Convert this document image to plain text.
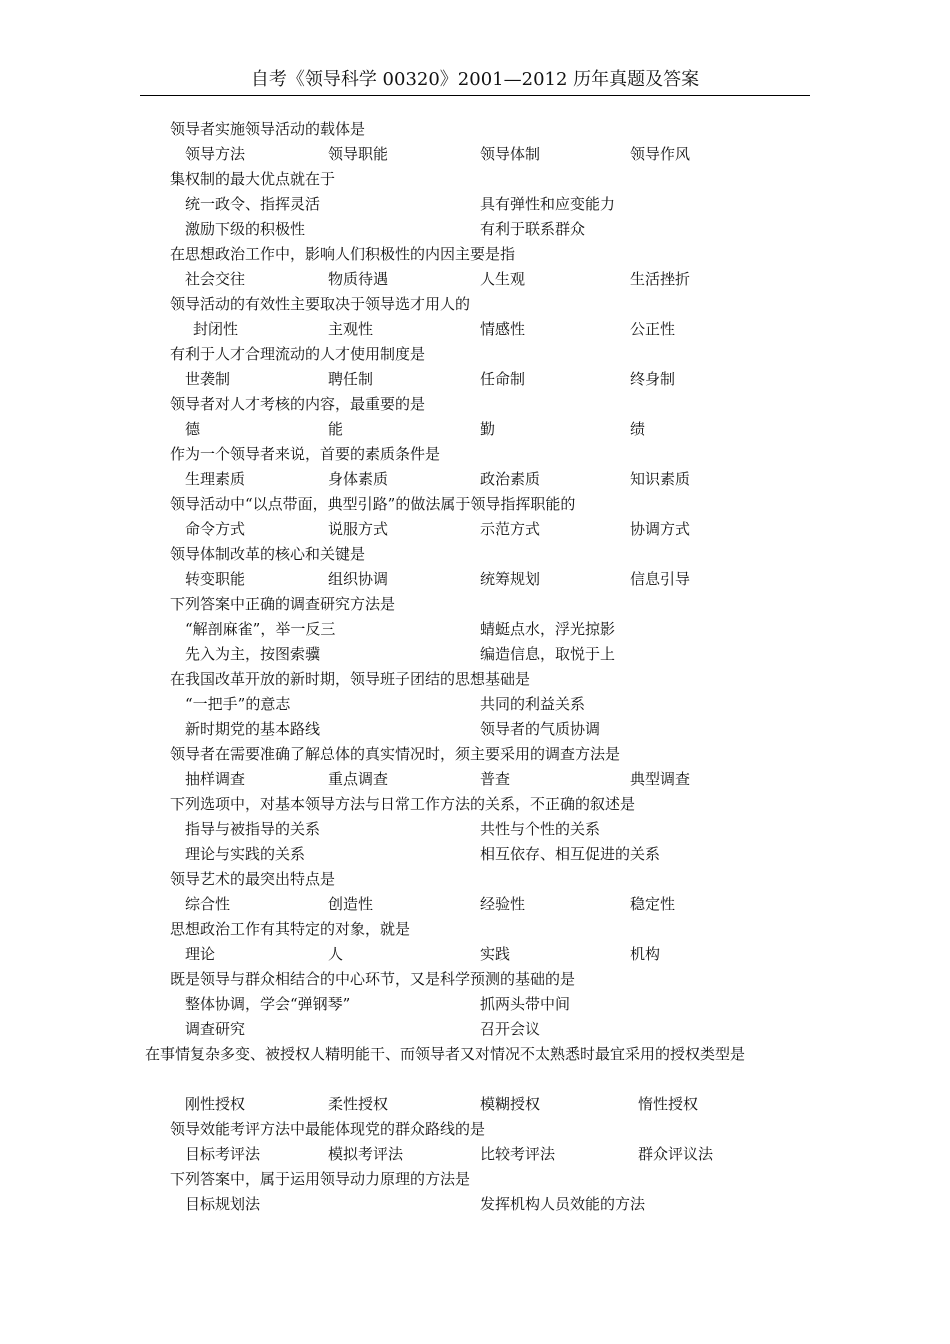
自考《领导科学 00320》2001—2012 历年真题及答案
领导者实施领导活动的载体是
领导方法	领导职能	领导体制	领导作风
集权制的最大优点就在于
统一政令、指挥灵活	具有弹性和应变能力
激励下级的积极性	有利于联系群众
在思想政治工作中，影响人们积极性的内因主要是指
社会交往	物质待遇	人生观	生活挫折
领导活动的有效性主要取决于领导选才用人的
封闭性	主观性	情感性	公正性
有利于人才合理流动的人才使用制度是
世袭制	聘任制	任命制	终身制
领导者对人才考核的内容，最重要的是
德	能	勤	绩
作为一个领导者来说，首要的素质条件是
生理素质	身体素质	政治素质	知识素质
领导活动中“以点带面，典型引路”的做法属于领导指挥职能的
命令方式	说服方式	示范方式	协调方式
领导体制改革的核心和关键是
转变职能	组织协调	统筹规划	信息引导
下列答案中正确的调查研究方法是
“解剖麻雀”，举一反三	蜻蜓点水，浮光掠影
先入为主，按图索骥	编造信息，取悦于上
在我国改革开放的新时期，领导班子团结的思想基础是
“一把手”的意志	共同的利益关系
新时期党的基本路线	领导者的气质协调
领导者在需要准确了解总体的真实情况时，须主要采用的调查方法是
抽样调查	重点调查	普查	典型调查
下列选项中，对基本领导方法与日常工作方法的关系，不正确的叙述是
指导与被指导的关系	共性与个性的关系
理论与实践的关系	相互依存、相互促进的关系
领导艺术的最突出特点是
综合性	创造性	经验性	稳定性
思想政治工作有其特定的对象，就是
理论	人	实践	机构
既是领导与群众相结合的中心环节，又是科学预测的基础的是
整体协调，学会“弹钢琴”	抓两头带中间
调查研究	召开会议
在事情复杂多变、被授权人精明能干、而领导者又对情况不太熟悉时最宜采用的授权类型是
刚性授权	柔性授权	模糊授权	惰性授权
领导效能考评方法中最能体现党的群众路线的是
目标考评法	模拟考评法	比较考评法	群众评议法
下列答案中，属于运用领导动力原理的方法是
目标规划法	发挥机构人员效能的方法
